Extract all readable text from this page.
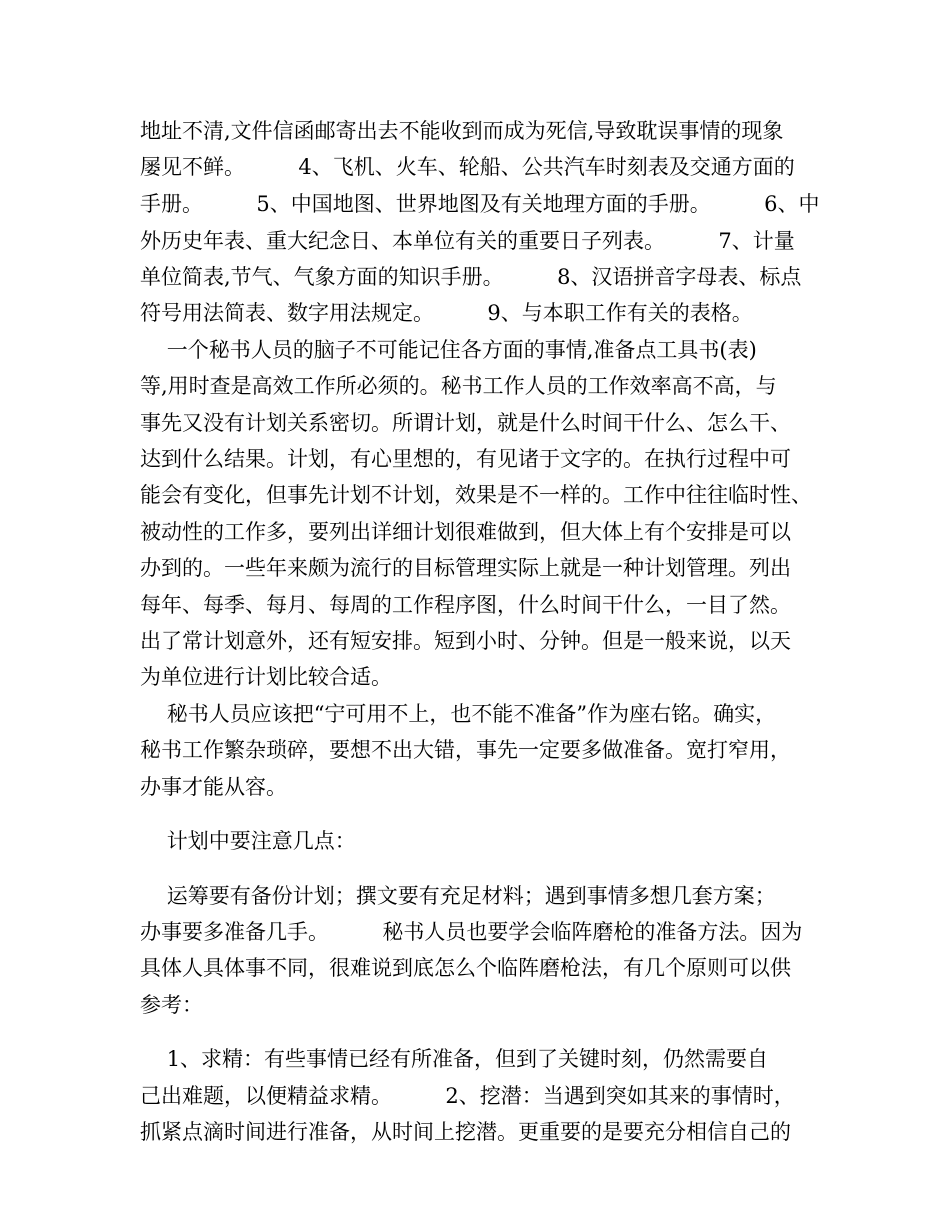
地址不清,文件信函邮寄出去不能收到而成为死信,导致耽误事情的现象
屡见不鲜。        4、飞机、火车、轮船、公共汽车时刻表及交通方面的
手册。        5、中国地图、世界地图及有关地理方面的手册。        6、中
外历史年表、重大纪念日、本单位有关的重要日子列表。        7、计量
单位简表,节气、气象方面的知识手册。        8、汉语拼音字母表、标点
符号用法简表、数字用法规定。        9、与本职工作有关的表格。
一个秘书人员的脑子不可能记住各方面的事情,准备点工具书(表)
等,用时查是高效工作所必须的。秘书工作人员的工作效率高不高，与
事先又没有计划关系密切。所谓计划，就是什么时间干什么、怎么干、
达到什么结果。计划，有心里想的，有见诸于文字的。在执行过程中可
能会有变化，但事先计划不计划，效果是不一样的。工作中往往临时性、
被动性的工作多，要列出详细计划很难做到，但大体上有个安排是可以
办到的。一些年来颇为流行的目标管理实际上就是一种计划管理。列出
每年、每季、每月、每周的工作程序图，什么时间干什么，一目了然。
出了常计划意外，还有短安排。短到小时、分钟。但是一般来说，以天
为单位进行计划比较合适。
秘书人员应该把“宁可用不上，也不能不准备”作为座右铭。确实，
秘书工作繁杂琐碎，要想不出大错，事先一定要多做准备。宽打窄用，
办事才能从容。
计划中要注意几点：
运筹要有备份计划；撰文要有充足材料；遇到事情多想几套方案；
办事要多准备几手。        秘书人员也要学会临阵磨枪的准备方法。因为
具体人具体事不同，很难说到底怎么个临阵磨枪法，有几个原则可以供
参考：
1、求精：有些事情已经有所准备，但到了关键时刻，仍然需要自
己出难题，以便精益求精。        2、挖潜：当遇到突如其来的事情时，
抓紧点滴时间进行准备，从时间上挖潜。更重要的是要充分相信自己的
